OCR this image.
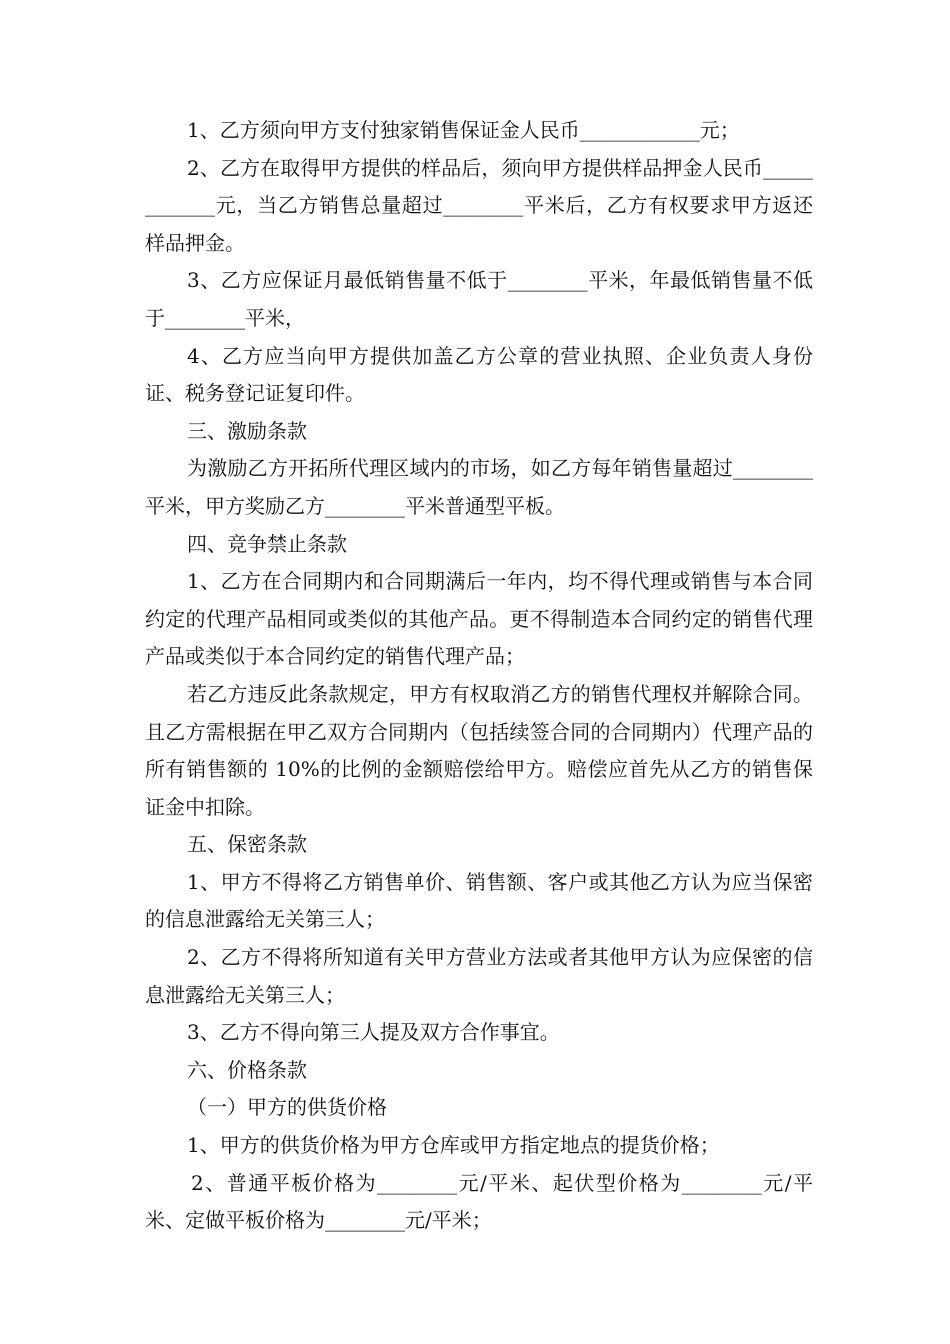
1、乙方须向甲方支付独家销售保证金人民币____________元；

2、乙方在取得甲方提供的样品后，须向甲方提供样品押金人民币____________元，当乙方销售总量超过________平米后，乙方有权要求甲方返还样品押金。

3、乙方应保证月最低销售量不低于________平米，年最低销售量不低于________平米，

4、乙方应当向甲方提供加盖乙方公章的营业执照、企业负责人身份证、税务登记证复印件。

三、激励条款

为激励乙方开拓所代理区域内的市场，如乙方每年销售量超过________平米，甲方奖励乙方________平米普通型平板。

四、竞争禁止条款

1、乙方在合同期内和合同期满后一年内，均不得代理或销售与本合同约定的代理产品相同或类似的其他产品。更不得制造本合同约定的销售代理产品或类似于本合同约定的销售代理产品；

若乙方违反此条款规定，甲方有权取消乙方的销售代理权并解除合同。且乙方需根据在甲乙双方合同期内（包括续签合同的合同期内）代理产品的所有销售额的 10%的比例的金额赔偿给甲方。赔偿应首先从乙方的销售保证金中扣除。

五、保密条款

1、甲方不得将乙方销售单价、销售额、客户或其他乙方认为应当保密的信息泄露给无关第三人；

2、乙方不得将所知道有关甲方营业方法或者其他甲方认为应保密的信息泄露给无关第三人；

3、乙方不得向第三人提及双方合作事宜。

六、价格条款

（一）甲方的供货价格

1、甲方的供货价格为甲方仓库或甲方指定地点的提货价格；

2、普通平板价格为________元/平米、起伏型价格为________元/平米、定做平板价格为________元/平米；
